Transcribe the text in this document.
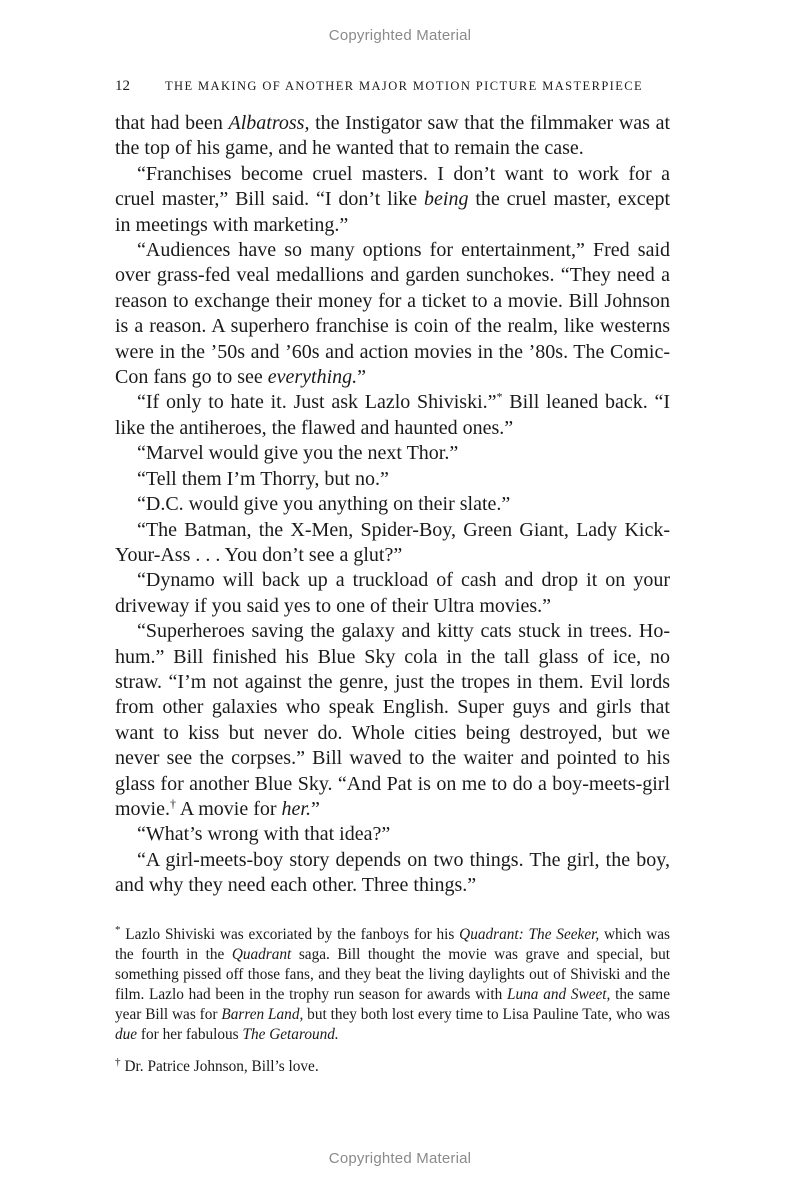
Copyrighted Material
12	THE MAKING OF ANOTHER MAJOR MOTION PICTURE MASTERPIECE

that had been Albatross, the Instigator saw that the filmmaker was at the top of his game, and he wanted that to remain the case.

“Franchises become cruel masters. I don’t want to work for a cruel master,” Bill said. “I don’t like being the cruel master, except in meetings with marketing.”

“Audiences have so many options for entertainment,” Fred said over grass-fed veal medallions and garden sunchokes. “They need a reason to exchange their money for a ticket to a movie. Bill Johnson is a reason. A superhero franchise is coin of the realm, like westerns were in the ’50s and ’60s and action movies in the ’80s. The Comic-Con fans go to see everything.”

“If only to hate it. Just ask Lazlo Shiviski.”* Bill leaned back. “I like the antiheroes, the flawed and haunted ones.”

“Marvel would give you the next Thor.”

“Tell them I’m Thorry, but no.”

“D.C. would give you anything on their slate.”

“The Batman, the X-Men, Spider-Boy, Green Giant, Lady Kick-Your-Ass . . . You don’t see a glut?”

“Dynamo will back up a truckload of cash and drop it on your driveway if you said yes to one of their Ultra movies.”

“Superheroes saving the galaxy and kitty cats stuck in trees. Ho-hum.” Bill finished his Blue Sky cola in the tall glass of ice, no straw. “I’m not against the genre, just the tropes in them. Evil lords from other galaxies who speak English. Super guys and girls that want to kiss but never do. Whole cities being destroyed, but we never see the corpses.” Bill waved to the waiter and pointed to his glass for another Blue Sky. “And Pat is on me to do a boy-meets-girl movie.† A movie for her.”

“What’s wrong with that idea?”

“A girl-meets-boy story depends on two things. The girl, the boy, and why they need each other. Three things.”

* Lazlo Shiviski was excoriated by the fanboys for his Quadrant: The Seeker, which was the fourth in the Quadrant saga. Bill thought the movie was grave and special, but something pissed off those fans, and they beat the living daylights out of Shiviski and the film. Lazlo had been in the trophy run season for awards with Luna and Sweet, the same year Bill was for Barren Land, but they both lost every time to Lisa Pauline Tate, who was due for her fabulous The Getaround.

† Dr. Patrice Johnson, Bill’s love.

Copyrighted Material
